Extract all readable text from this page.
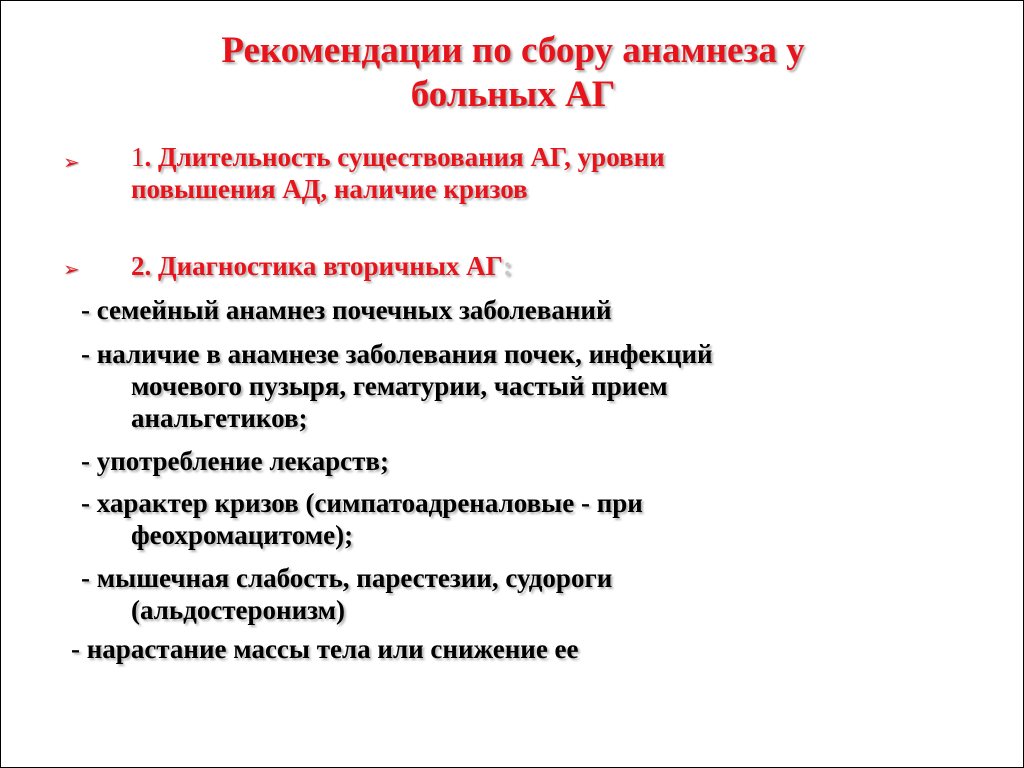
Рекомендации по сбору анамнеза у
больных АГ
➢ 1. Длительность существования АГ, уровни
повышения АД, наличие кризов
➢ 2. Диагностика вторичных АГ:
- семейный анамнез почечных заболеваний
- наличие в анамнезе заболевания почек, инфекций
мочевого пузыря, гематурии, частый прием
анальгетиков;
- употребление лекарств;
- характер кризов (симпатоадреналовые - при
феохромацитоме);
- мышечная слабость, парестезии, судороги
(альдостеронизм)
- нарастание массы тела или снижение ее
